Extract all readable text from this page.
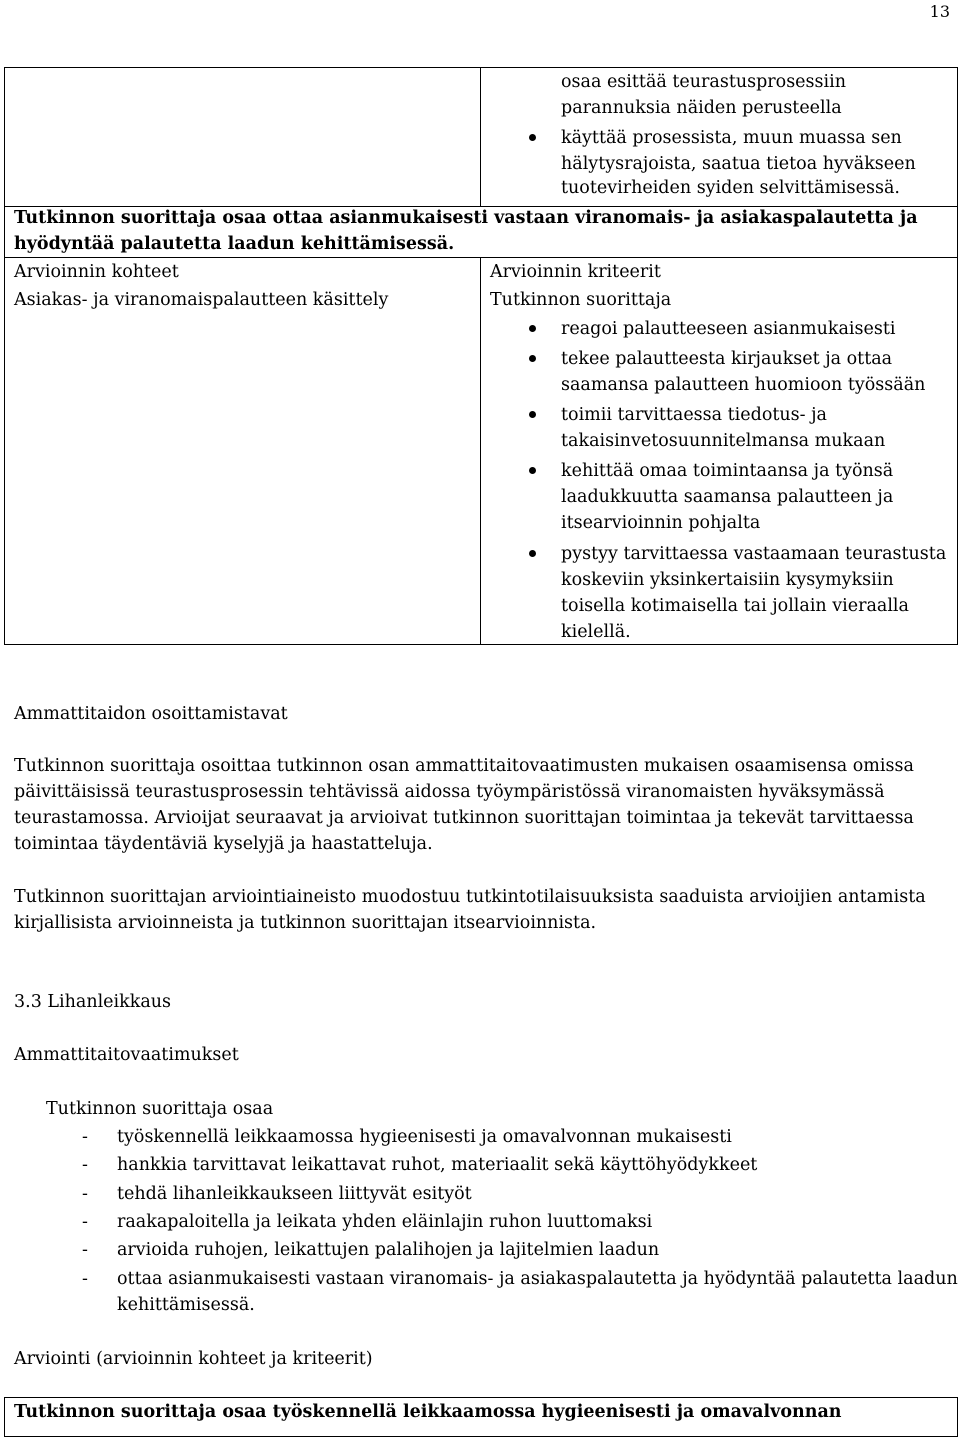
13
osaa esittää teurastusprosessiin
parannuksia näiden perusteella
käyttää prosessista, muun muassa sen
hälytysrajoista, saatua tietoa hyväkseen
tuotevirheiden syiden selvittämisessä.
Tutkinnon suorittaja osaa ottaa asianmukaisesti vastaan viranomais- ja asiakaspalautetta ja
hyödyntää palautetta laadun kehittämisessä.
Arvioinnin kohteet	Arvioinnin kriteerit
Asiakas- ja viranomaispalautteen käsittely	Tutkinnon suorittaja
reagoi palautteeseen asianmukaisesti
tekee palautteesta kirjaukset ja ottaa
saamansa palautteen huomioon työssään
toimii tarvittaessa tiedotus- ja
takaisinvetosuunnitelmansa mukaan
kehittää omaa toimintaansa ja työnsä
laadukkuutta saamansa palautteen ja
itsearvioinnin pohjalta
pystyy tarvittaessa vastaamaan teurastusta
koskeviin yksinkertaisiin kysymyksiin
toisella kotimaisella tai jollain vieraalla
kielellä.
Ammattitaidon osoittamistavat
Tutkinnon suorittaja osoittaa tutkinnon osan ammattitaitovaatimusten mukaisen osaamisensa omissa
päivittäisissä teurastusprosessin tehtävissä aidossa työympäristössä viranomaisten hyväksymässä
teurastamossa. Arvioijat seuraavat ja arvioivat tutkinnon suorittajan toimintaa ja tekevät tarvittaessa
toimintaa täydentäviä kyselyjä ja haastatteluja.
Tutkinnon suorittajan arviointiaineisto muodostuu tutkintotilaisuuksista saaduista arvioijien antamista
kirjallisista arvioinneista ja tutkinnon suorittajan itsearvioinnista.
3.3 Lihanleikkaus
Ammattitaitovaatimukset
Tutkinnon suorittaja osaa
- työskennellä leikkaamossa hygieenisesti ja omavalvonnan mukaisesti
- hankkia tarvittavat leikattavat ruhot, materiaalit sekä käyttöhyödykkeet
- tehdä lihanleikkaukseen liittyvät esityöt
- raakapaloitella ja leikata yhden eläinlajin ruhon luuttomaksi
- arvioida ruhojen, leikattujen palalihojen ja lajitelmien laadun
- ottaa asianmukaisesti vastaan viranomais- ja asiakaspalautetta ja hyödyntää palautetta laadun
kehittämisessä.
Arviointi (arvioinnin kohteet ja kriteerit)
Tutkinnon suorittaja osaa työskennellä leikkaamossa hygieenisesti ja omavalvonnan
